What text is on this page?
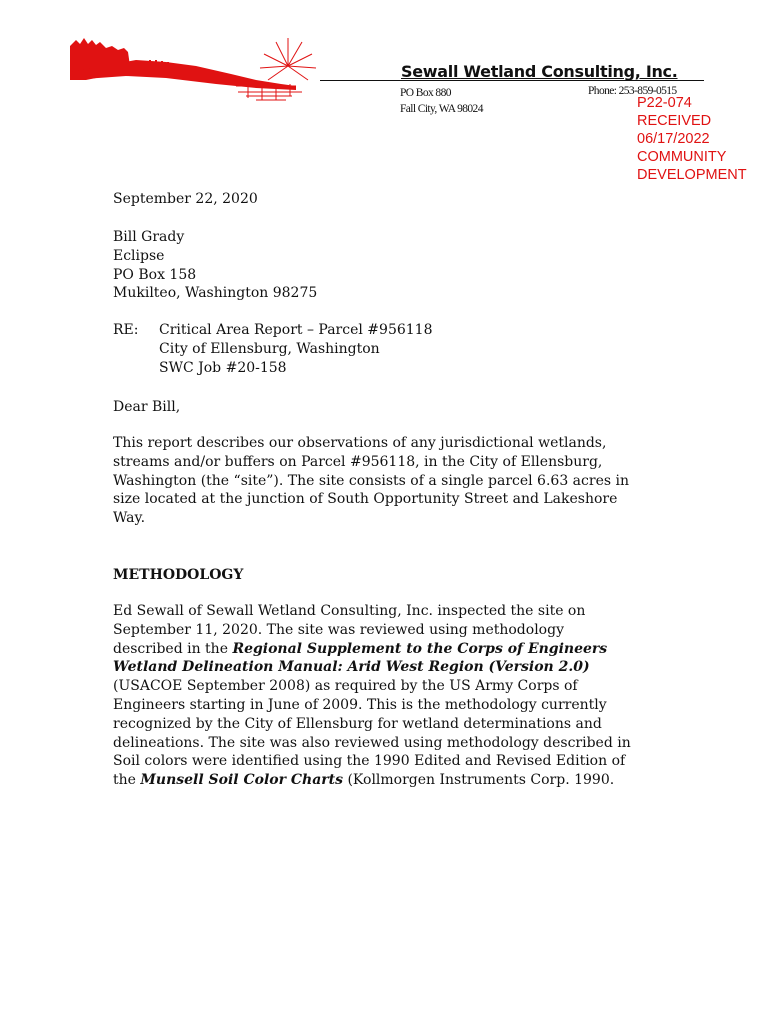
Sewall Wetland Consulting, Inc.
PO Box 880
Fall City, WA 98024
Phone: 253-859-0515
P22-074
RECEIVED
06/17/2022
COMMUNITY
DEVELOPMENT
September 22, 2020
Bill Grady
Eclipse
PO Box 158
Mukilteo, Washington 98275
RE:	Critical Area Report – Parcel #956118
City of Ellensburg, Washington
SWC Job #20-158
Dear Bill,
This report describes our observations of any jurisdictional wetlands,
streams and/or buffers on Parcel #956118, in the City of Ellensburg,
Washington (the “site”). The site consists of a single parcel 6.63 acres in
size located at the junction of South Opportunity Street and Lakeshore
Way.
METHODOLOGY
Ed Sewall of Sewall Wetland Consulting, Inc. inspected the site on
September 11, 2020. The site was reviewed using methodology
described in the Regional Supplement to the Corps of Engineers
Wetland Delineation Manual: Arid West Region (Version 2.0)
(USACOE September 2008) as required by the US Army Corps of
Engineers starting in June of 2009. This is the methodology currently
recognized by the City of Ellensburg for wetland determinations and
delineations. The site was also reviewed using methodology described in
Soil colors were identified using the 1990 Edited and Revised Edition of
the Munsell Soil Color Charts (Kollmorgen Instruments Corp. 1990.
